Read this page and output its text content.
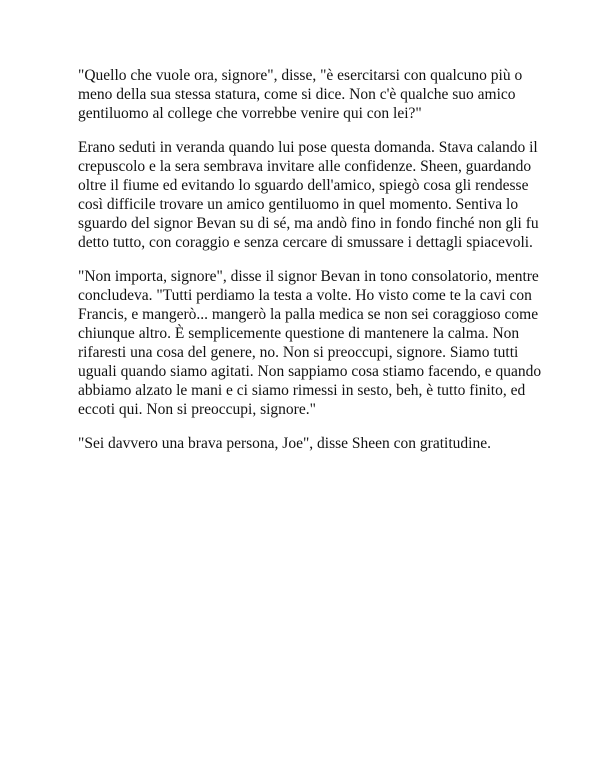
"Quello che vuole ora, signore", disse, "è esercitarsi con qualcuno più o
meno della sua stessa statura, come si dice. Non c'è qualche suo amico
gentiluomo al college che vorrebbe venire qui con lei?"

Erano seduti in veranda quando lui pose questa domanda. Stava calando il
crepuscolo e la sera sembrava invitare alle confidenze. Sheen, guardando
oltre il fiume ed evitando lo sguardo dell'amico, spiegò cosa gli rendesse
così difficile trovare un amico gentiluomo in quel momento. Sentiva lo
sguardo del signor Bevan su di sé, ma andò fino in fondo finché non gli fu
detto tutto, con coraggio e senza cercare di smussare i dettagli spiacevoli.

"Non importa, signore", disse il signor Bevan in tono consolatorio, mentre
concludeva. "Tutti perdiamo la testa a volte. Ho visto come te la cavi con
Francis, e mangerò... mangerò la palla medica se non sei coraggioso come
chiunque altro. È semplicemente questione di mantenere la calma. Non
rifaresti una cosa del genere, no. Non si preoccupi, signore. Siamo tutti
uguali quando siamo agitati. Non sappiamo cosa stiamo facendo, e quando
abbiamo alzato le mani e ci siamo rimessi in sesto, beh, è tutto finito, ed
eccoti qui. Non si preoccupi, signore."

"Sei davvero una brava persona, Joe", disse Sheen con gratitudine.
